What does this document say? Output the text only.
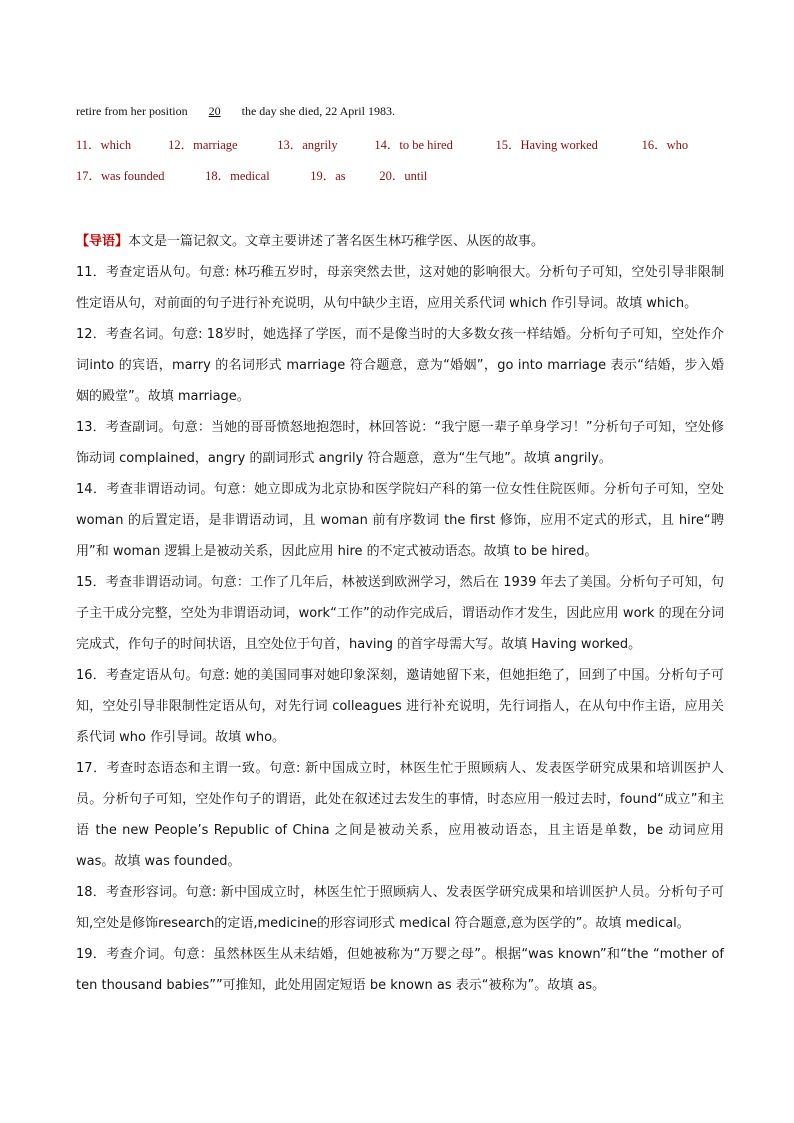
retire from her position 20 the day she died, 22 April 1983.
11．which	12．marriage	13．angrily	14．to be hired	15．Having worked	16．who
17．was founded	18．medical	19．as	20．until

【导语】本文是一篇记叙文。文章主要讲述了著名医生林巧稚学医、从医的故事。

11．考查定语从句。句意: 林巧稚五岁时，母亲突然去世，这对她的影响很大。分析句子可知，空处引导非限制性定语从句，对前面的句子进行补充说明，从句中缺少主语，应用关系代词 which 作引导词。故填 which。

12．考查名词。句意: 18岁时，她选择了学医，而不是像当时的大多数女孩一样结婚。分析句子可知，空处作介词into 的宾语，marry 的名词形式 marriage 符合题意，意为“婚姻”，go into marriage 表示“结婚，步入婚姻的殿堂”。故填 marriage。

13．考查副词。句意：当她的哥哥愤怒地抱怨时，林回答说：“我宁愿一辈子单身学习！”分析句子可知，空处修饰动词 complained，angry 的副词形式 angrily 符合题意，意为“生气地”。故填 angrily。

14．考查非谓语动词。句意：她立即成为北京协和医学院妇产科的第一位女性住院医师。分析句子可知，空处 woman 的后置定语，是非谓语动词，且 woman 前有序数词 the first 修饰，应用不定式的形式，且 hire“聘用”和 woman 逻辑上是被动关系，因此应用 hire 的不定式被动语态。故填 to be hired。

15．考查非谓语动词。句意：工作了几年后，林被送到欧洲学习，然后在 1939 年去了美国。分析句子可知，句子主干成分完整，空处为非谓语动词，work“工作”的动作完成后，谓语动作才发生，因此应用 work 的现在分词完成式，作句子的时间状语，且空处位于句首，having 的首字母需大写。故填 Having worked。

16．考查定语从句。句意: 她的美国同事对她印象深刻，邀请她留下来，但她拒绝了，回到了中国。分析句子可知，空处引导非限制性定语从句，对先行词 colleagues 进行补充说明，先行词指人，在从句中作主语，应用关系代词 who 作引导词。故填 who。

17．考查时态语态和主谓一致。句意: 新中国成立时，林医生忙于照顾病人、发表医学研究成果和培训医护人员。分析句子可知，空处作句子的谓语，此处在叙述过去发生的事情，时态应用一般过去时，found“成立”和主语 the new People’s Republic of China 之间是被动关系，应用被动语态，且主语是单数，be 动词应用 was。故填 was founded。

18．考查形容词。句意: 新中国成立时，林医生忙于照顾病人、发表医学研究成果和培训医护人员。分析句子可知,空处是修饰research的定语,medicine的形容词形式 medical 符合题意,意为医学的”。故填 medical。

19．考查介词。句意：虽然林医生从未结婚，但她被称为“万婴之母”。根据“was known”和“the “mother of ten thousand babies””可推知，此处用固定短语 be known as 表示“被称为”。故填 as。
